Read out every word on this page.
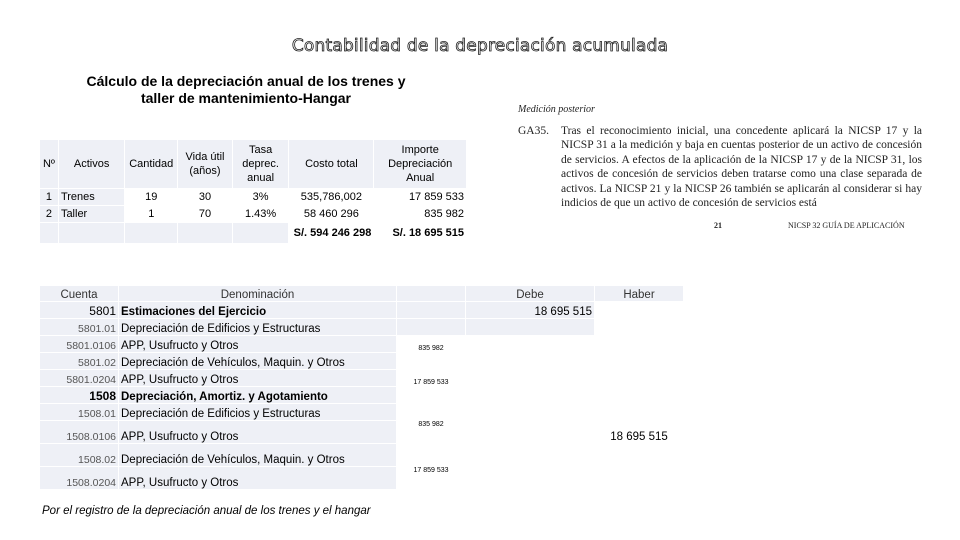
Contabilidad de la depreciación acumulada
Cálculo de la depreciación anual de los trenes y
taller de mantenimiento-Hangar
Nº	Activos	Cantidad	Vida útil (años)	Tasa deprec. anual	Costo total	Importe Depreciación Anual
1	Trenes	19	30	3%	535,786,002	17 859 533
2	Taller	1	70	1.43%	58 460 296	835 982
					S/. 594 246 298	S/. 18 695 515
Medición posterior
GA35.	Tras el reconocimiento inicial, una concedente aplicará la NICSP 17 y la NICSP 31 a la medición y baja en cuentas posterior de un activo de concesión de servicios. A efectos de la aplicación de la NICSP 17 y de la NICSP 31, los activos de concesión de servicios deben tratarse como una clase separada de activos. La NICSP 21 y la NICSP 26 también se aplicarán al considerar si hay indicios de que un activo de concesión de servicios está
21	NICSP 32 GUÍA DE APLICACIÓN
Cuenta	Denominación		Debe	Haber
5801	Estimaciones del Ejercicio		18 695 515	
5801.01	Depreciación de Edificios y Estructuras			
5801.0106	APP, Usufructo y Otros	835 982		
5801.02	Depreciación de Vehículos, Maquin. y Otros			
5801.0204	APP, Usufructo y Otros	17 859 533		
1508	Depreciación, Amortiz. y Agotamiento			
1508.01	Depreciación de Edificios y Estructuras			
1508.0106	APP, Usufructo y Otros	835 982		18 695 515
1508.02	Depreciación de Vehículos, Maquin. y Otros			
1508.0204	APP, Usufructo y Otros	17 859 533		
Por el registro de la depreciación anual de los trenes y el hangar
